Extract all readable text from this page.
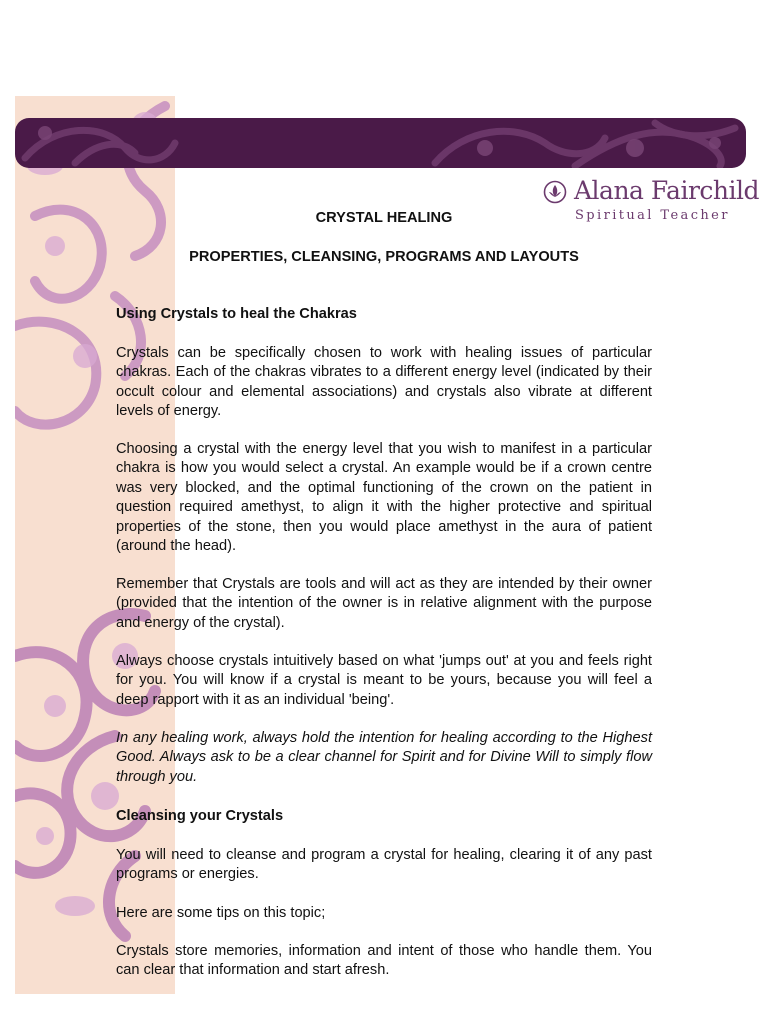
Alana Fairchild
Spiritual Teacher

CRYSTAL HEALING

PROPERTIES, CLEANSING, PROGRAMS AND LAYOUTS

Using Crystals to heal the Chakras

Crystals can be specifically chosen to work with healing issues of particular chakras. Each of the chakras vibrates to a different energy level (indicated by their occult colour and elemental associations) and crystals also vibrate at different levels of energy.

Choosing a crystal with the energy level that you wish to manifest in a particular chakra is how you would select a crystal. An example would be if a crown centre was very blocked, and the optimal functioning of the crown on the patient in question required amethyst, to align it with the higher protective and spiritual properties of the stone, then you would place amethyst in the aura of patient (around the head).

Remember that Crystals are tools and will act as they are intended by their owner (provided that the intention of the owner is in relative alignment with the purpose and energy of the crystal).

Always choose crystals intuitively based on what 'jumps out' at you and feels right for you. You will know if a crystal is meant to be yours, because you will feel a deep rapport with it as an individual 'being'.

In any healing work, always hold the intention for healing according to the Highest Good. Always ask to be a clear channel for Spirit and for Divine Will to simply flow through you.

Cleansing your Crystals

You will need to cleanse and program a crystal for healing, clearing it of any past programs or energies.

Here are some tips on this topic;

Crystals store memories, information and intent of those who handle them. You can clear that information and start afresh.
